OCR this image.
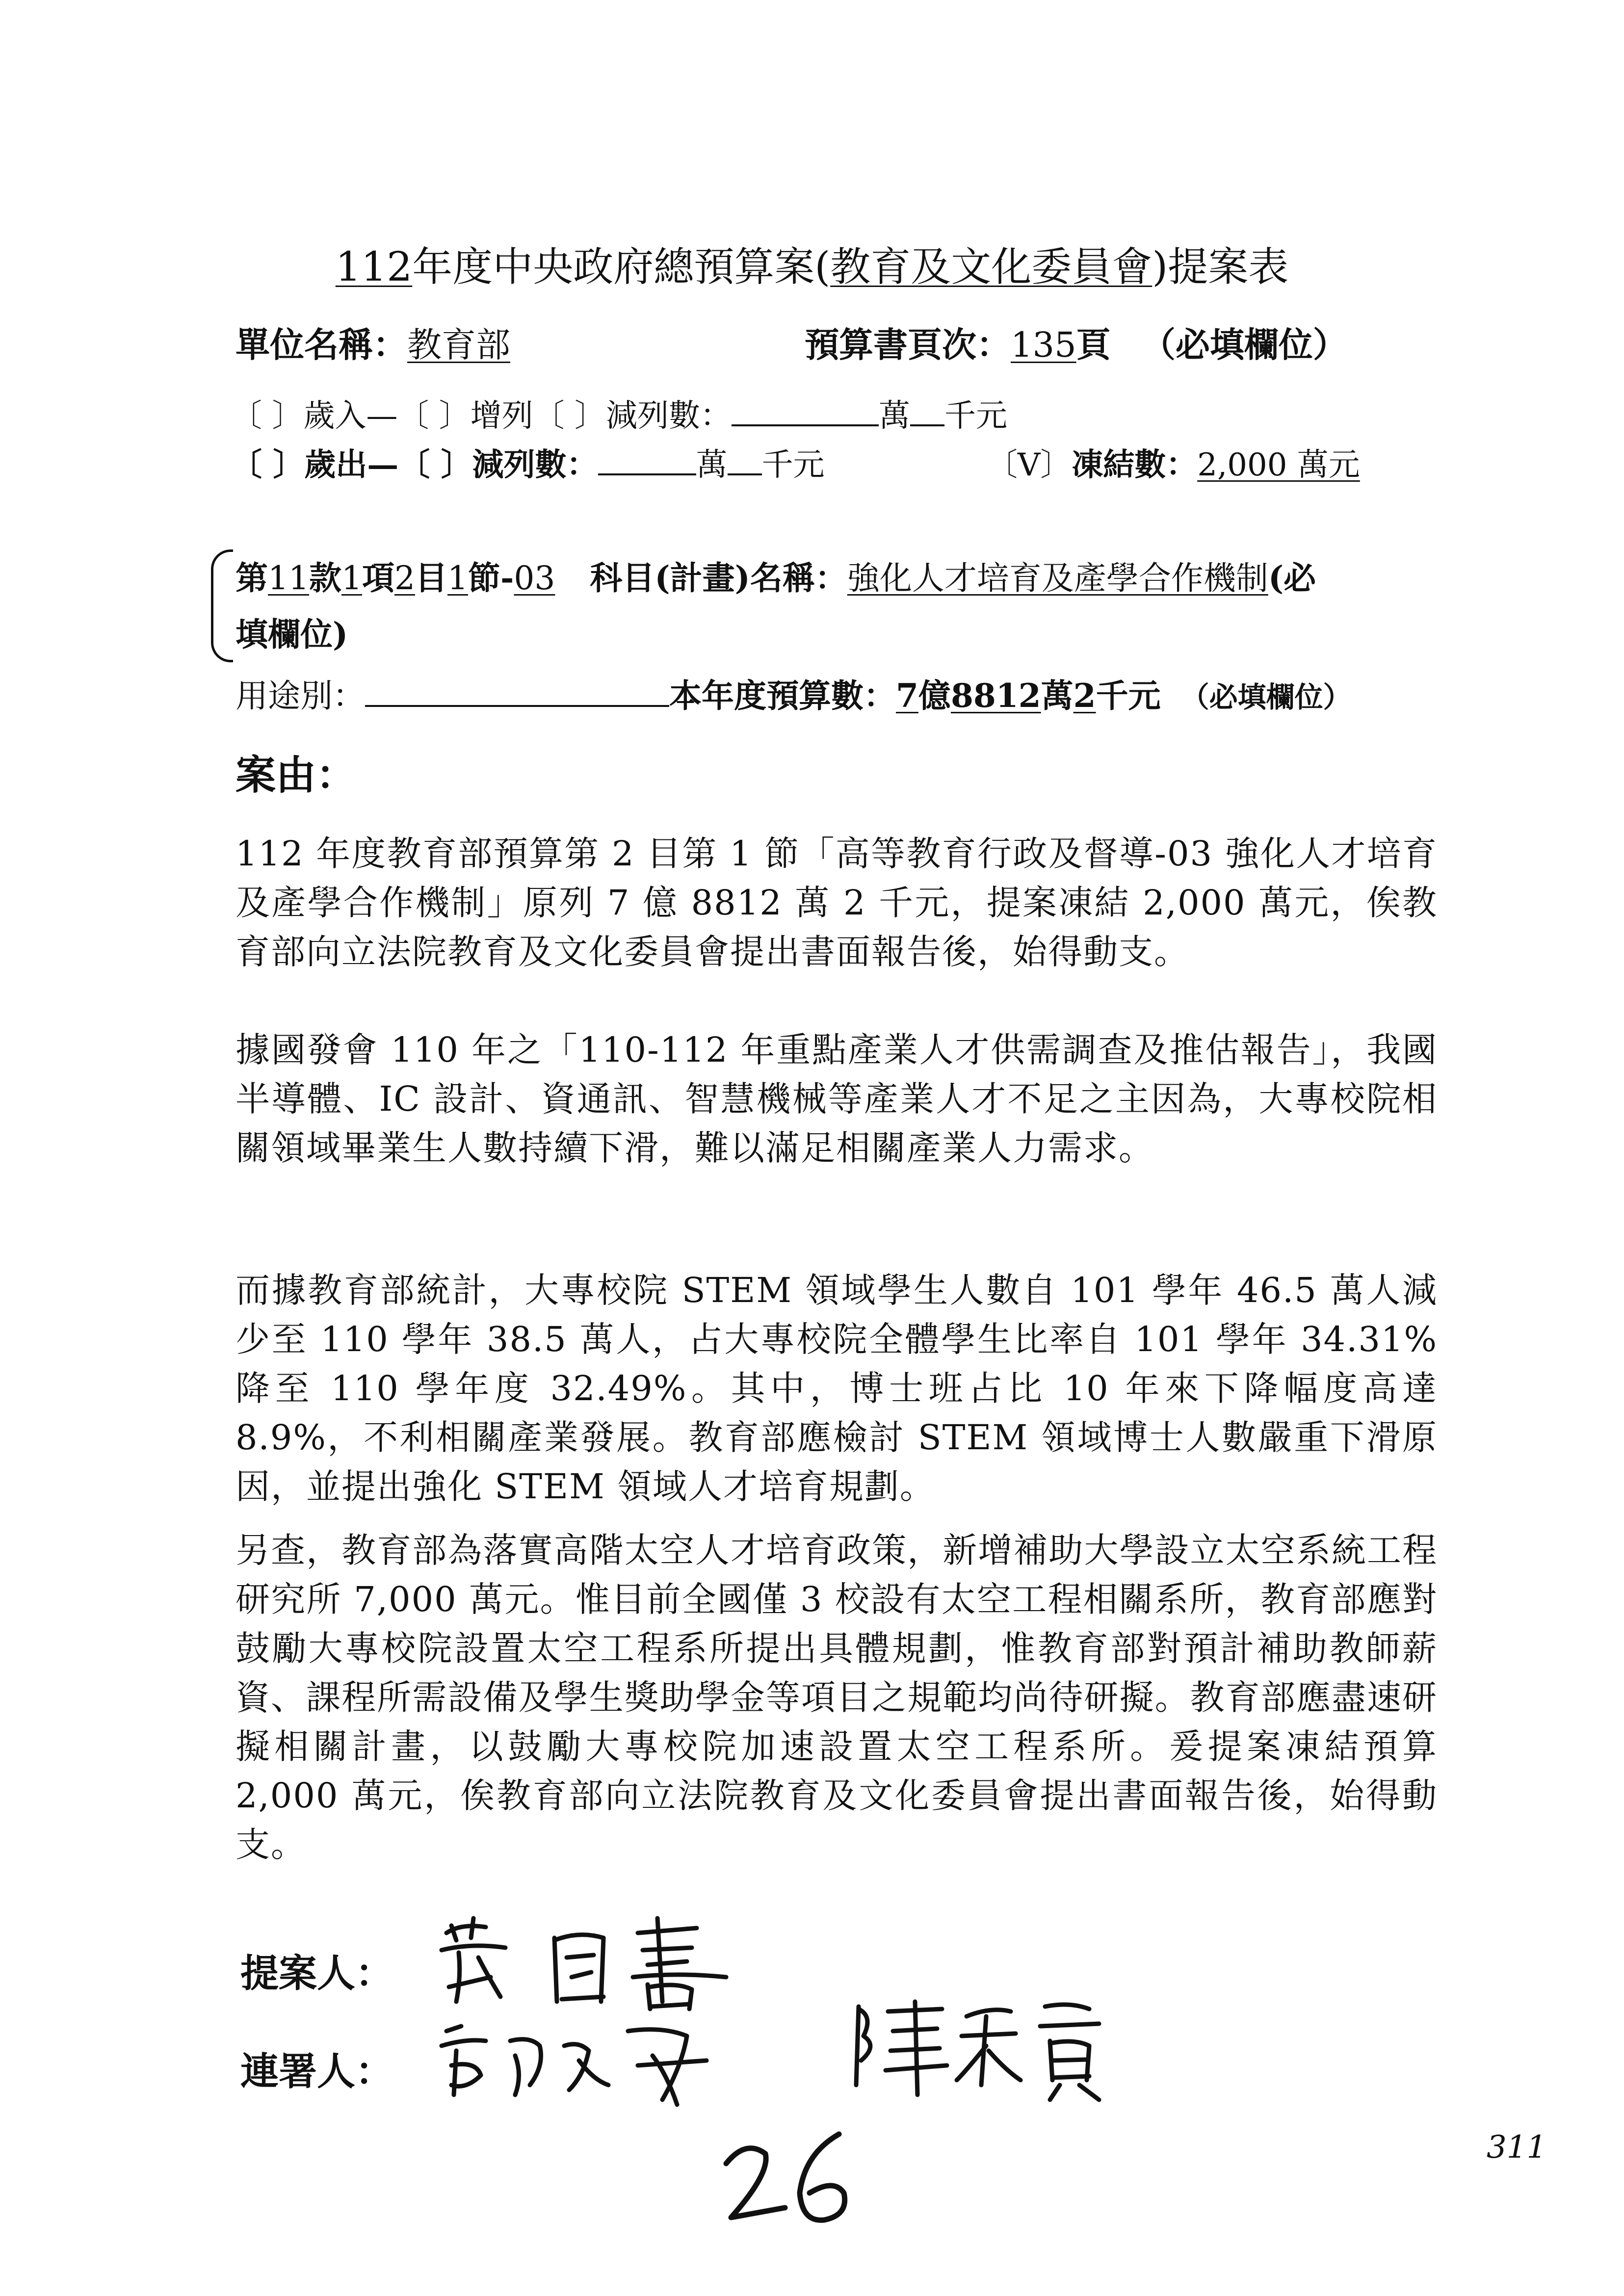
112年度中央政府總預算案(教育及文化委員會)提案表
單位名稱：教育部	預算書頁次：135頁 （必填欄位）
〔 〕歲入—〔 〕增列〔 〕減列數：	萬 千元
〔 〕歲出—〔 〕減列數：	萬 千元	〔V〕凍結數：2,000 萬元
第11款1項2目1節-03 科目(計畫)名稱：強化人才培育及產學合作機制(必
填欄位)
用途別：	本年度預算數：7億8812萬2千元 （必填欄位）
案由：
112 年度教育部預算第 2 目第 1 節「高等教育行政及督導-03 強化人才培育及產學合作機制」原列 7 億 8812 萬 2 千元，提案凍結 2,000 萬元，俟教育部向立法院教育及文化委員會提出書面報告後，始得動支。
據國發會 110 年之「110-112 年重點產業人才供需調查及推估報告」，我國半導體、IC 設計、資通訊、智慧機械等產業人才不足之主因為，大專校院相關領域畢業生人數持續下滑，難以滿足相關產業人力需求。
而據教育部統計，大專校院 STEM 領域學生人數自 101 學年 46.5 萬人減少至 110 學年 38.5 萬人，占大專校院全體學生比率自 101 學年 34.31% 降至 110 學年度 32.49%。其中，博士班占比 10 年來下降幅度高達 8.9%，不利相關產業發展。教育部應檢討 STEM 領域博士人數嚴重下滑原因，並提出強化 STEM 領域人才培育規劃。
另查，教育部為落實高階太空人才培育政策，新增補助大學設立太空系統工程研究所 7,000 萬元。惟目前全國僅 3 校設有太空工程相關系所，教育部應對鼓勵大專校院設置太空工程系所提出具體規劃，惟教育部對預計補助教師薪資、課程所需設備及學生獎助學金等項目之規範均尚待研擬。教育部應盡速研擬相關計畫，以鼓勵大專校院加速設置太空工程系所。爰提案凍結預算 2,000 萬元，俟教育部向立法院教育及文化委員會提出書面報告後，始得動支。
提案人：
連署人：
311
